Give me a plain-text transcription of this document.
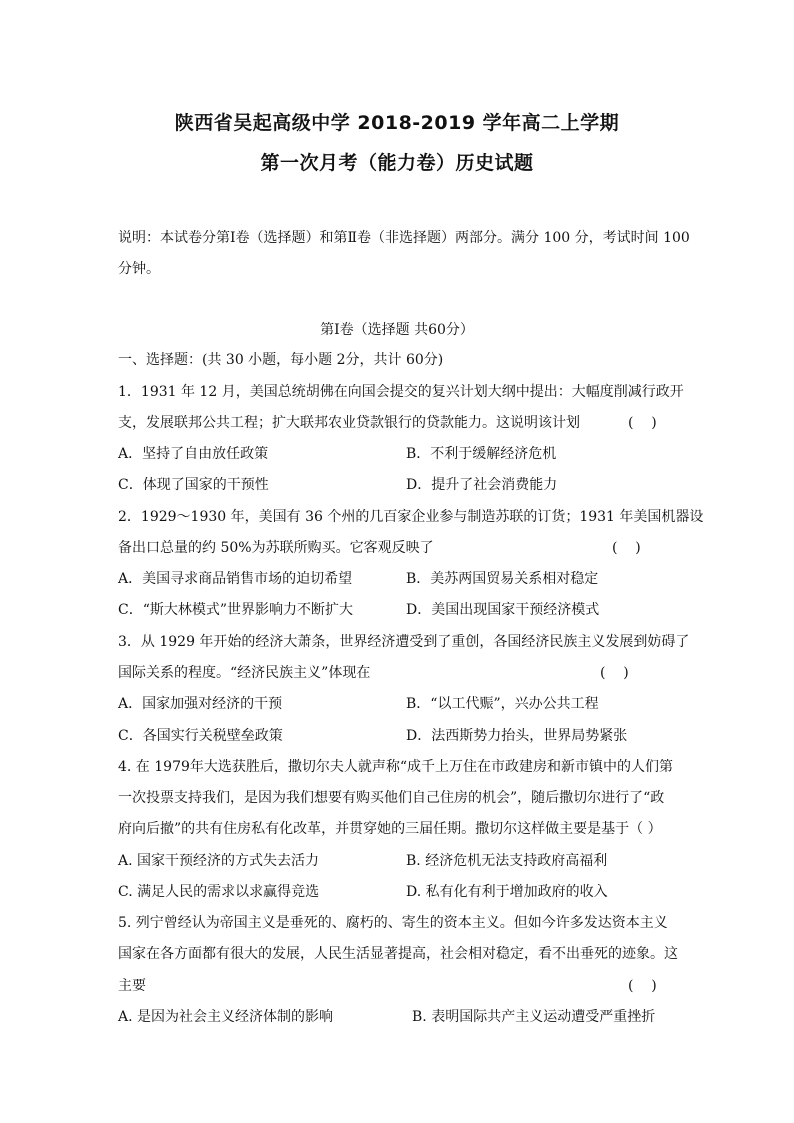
陕西省吴起高级中学 2018-2019 学年高二上学期
第一次月考（能力卷）历史试题
说明：本试卷分第Ⅰ卷（选择题）和第Ⅱ卷（非选择题）两部分。满分 100 分，考试时间 100
分钟。
第Ⅰ卷（选择题 共60分）
一、选择题：(共 30 小题，每小题 2分，共计 60分)
1．1931 年 12 月，美国总统胡佛在向国会提交的复兴计划大纲中提出：大幅度削减行政开
支，发展联邦公共工程；扩大联邦农业贷款银行的贷款能力。这说明该计划	(    )
A．坚持了自由放任政策	B．不利于缓解经济危机
C．体现了国家的干预性	D．提升了社会消费能力
2．1929～1930 年，美国有 36 个州的几百家企业参与制造苏联的订货；1931 年美国机器设
备出口总量的约 50%为苏联所购买。它客观反映了	(    )
A．美国寻求商品销售市场的迫切希望	B．美苏两国贸易关系相对稳定
C．“斯大林模式”世界影响力不断扩大	D．美国出现国家干预经济模式
3．从 1929 年开始的经济大萧条，世界经济遭受到了重创，各国经济民族主义发展到妨碍了
国际关系的程度。“经济民族主义”体现在	(    )
A．国家加强对经济的干预	B．“以工代赈”，兴办公共工程
C．各国实行关税壁垒政策	D．法西斯势力抬头，世界局势紧张
4. 在 1979年大选获胜后，撒切尔夫人就声称“成千上万住在市政建房和新市镇中的人们第
一次投票支持我们，是因为我们想要有购买他们自己住房的机会”，随后撒切尔进行了“政
府向后撤”的共有住房私有化改革，并贯穿她的三届任期。撒切尔这样做主要是基于（ ）
A. 国家干预经济的方式失去活力	B. 经济危机无法支持政府高福利
C. 满足人民的需求以求赢得竞选	D. 私有化有利于增加政府的收入
5. 列宁曾经认为帝国主义是垂死的、腐朽的、寄生的资本主义。但如今许多发达资本主义
国家在各方面都有很大的发展，人民生活显著提高，社会相对稳定，看不出垂死的迹象。这
主要	(    )
A. 是因为社会主义经济体制的影响	B. 表明国际共产主义运动遭受严重挫折
